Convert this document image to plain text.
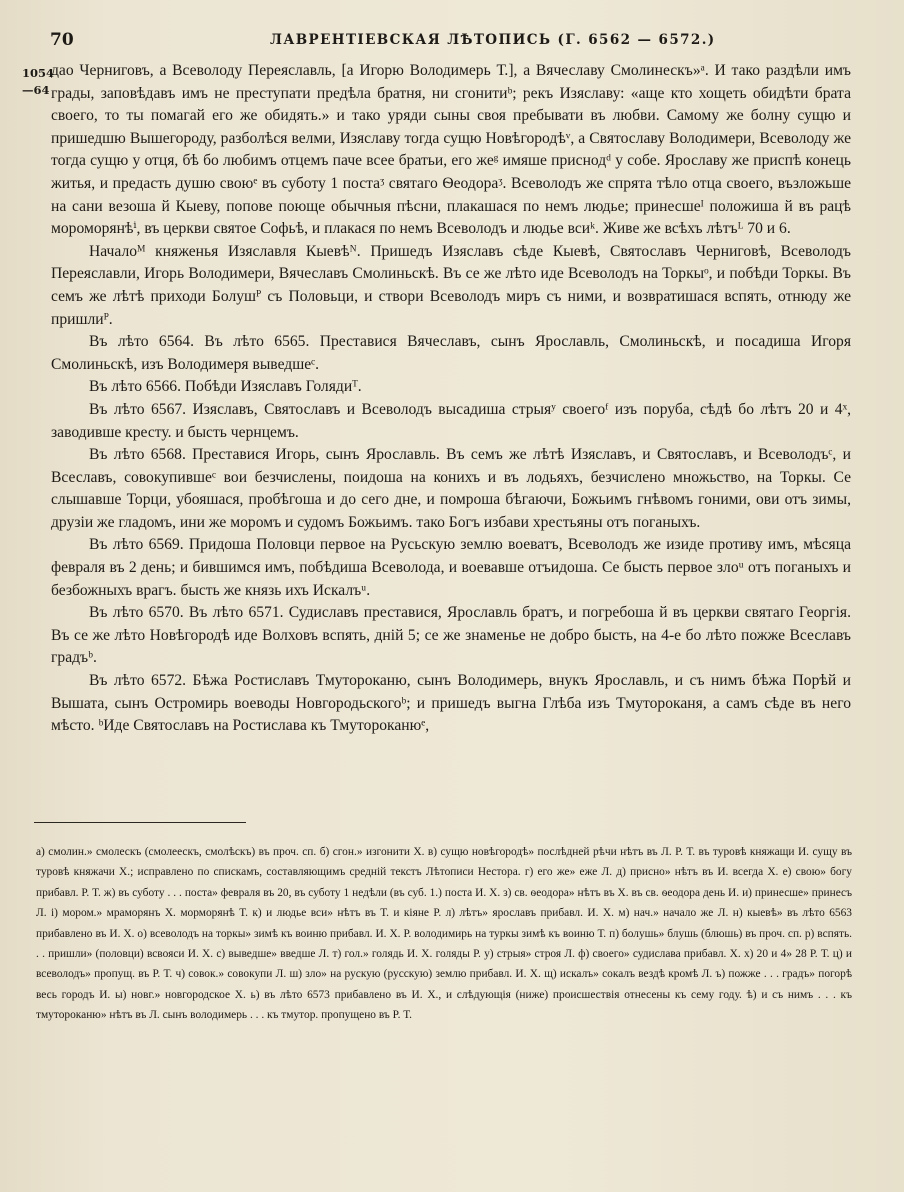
70	ЛАВРЕНТІЕВСКАЯ ЛѢТОПИСЬ (Г. 6562 — 6572.)
1054
—64

дао Черниговъ, а Всеволоду Переяславль, [а Игорю Володимерь Т.], а Вячеславу Смолинескъ»ᵃ. И тако раздѣли имъ грады, заповѣдавъ имъ не преступати предѣла братня, ни сгонитиᵇ; рекъ Изяславу: «аще кто хощеть обидѣти брата своего, то ты помагай его же обидять.» и тако уряди сыны своя пребывати въ любви. Самому же болну сущю и пришедшю Вышегороду, разболѣся велми, Изяславу тогда сущю Новѣгородѣᵛ, а Святославу Володимери, Всеволоду же тогда сущю у отця, бѣ бо любимъ отцемъ паче всее братьи, его жеᵍ имяше приснодᵈ у собе. Ярославу же приспѣ конець житья, и предасть душю своюᵉ въ суботу 1 постаᶾ святаго Ѳеодораᶾ. Всеволодъ же спрята тѣло отца своего, възложьше на сани везоша й Кыеву, попове поюще обычныя пѣсни, плакашася по немъ людье; принесшеᴵ положиша й въ рацѣ мороморянѣⁱ, въ церкви святое Софьѣ, и плакася по немъ Всеволодъ и людье всиᵏ. Живе же всѣхъ лѣтъᴸ 70 и 6.

Началоᴹ княженья Изяславля Кыевѣᴺ. Пришедъ Изяславъ сѣде Кыевѣ, Святославъ Черниговѣ, Всеволодъ Переяславли, Игорь Володимери, Вячеславъ Смолиньскѣ. Въ се же лѣто иде Всеволодъ на Торкыᵒ, и побѣди Торкы. Въ семъ же лѣтѣ приходи Болушᴾ съ Половьци, и створи Всеволодъ миръ съ ними, и возвратишася вспять, отнюду же пришлиᴾ.

Въ лѣто 6564. Въ лѣто 6565. Преставися Вячеславъ, сынъ Ярославль, Смолиньскѣ, и посадиша Игоря Смолиньскѣ, изъ Володимеря выведшеᶜ.

Въ лѣто 6566. Побѣди Изяславъ Голядиᵀ.

Въ лѣто 6567. Изяславъ, Святославъ и Всеволодъ высадиша стрыяʸ своегоᶠ изъ поруба, сѣдѣ бо лѣтъ 20 и 4ˣ, заводивше кресту. и бысть чернцемъ.

Въ лѣто 6568. Преставися Игорь, сынъ Ярославль. Въ семъ же лѣтѣ Изяславъ, и Святославъ, и Всеволодъᶜ, и Всеславъ, совокупившеᶜ вои безчислены, поидоша на конихъ и въ лодьяхъ, безчислено множьство, на Торкы. Се слышавше Торци, убояшася, пробѣгоша и до сего дне, и помроша бѣгаючи, Божьимъ гнѣвомъ гоними, ови отъ зимы, друзіи же гладомъ, ини же моромъ и судомъ Божьимъ. тако Богъ избави хрестьяны отъ поганыхъ.

Въ лѣто 6569. Придоша Половци первое на Русьскую землю воеватъ, Всеволодъ же изиде противу имъ, мѣсяца февраля въ 2 день; и бившимся имъ, побѣдиша Всеволода, и воевавше отъидоша. Се бысть первое злоᵘ отъ поганыхъ и безбожныхъ врагъ. бысть же князь ихъ Искалъᵘ.

Въ лѣто 6570. Въ лѣто 6571. Судиславъ преставися, Ярославль братъ, и погребоша й въ церкви святаго Георгія. Въ се же лѣто Новѣгородѣ иде Волховъ вспять, дній 5; се же знаменье не добро бысть, на 4-е бо лѣто пожже Всеславъ градъᵇ.

Въ лѣто 6572. Бѣжа Ростиславъ Тмутороканю, сынъ Володимерь, внукъ Ярославль, и съ нимъ бѣжа Порѣй и Вышата, сынъ Остромирь воеводы Новгородьскогоᵇ; и пришедъ выгна Глѣба изъ Тмутороканя, а самъ сѣде въ него мѣсто. ᵇИде Святославъ на Ростислава къ Тмутороканюᵉ,

а) смолин.» смолескъ (смолеескъ, смолѣскъ) въ проч. сп. б) сгон.» изгонити Х. в) сущю новѣгородѣ» послѣдней рѣчи нѣтъ въ Л. Р. Т. въ туровѣ княжащи И. сущу въ туровѣ княжачи Х.; исправлено по спискамъ, составляющимъ средній текстъ Лѣтописи Нестора. г) его же» еже Л. д) присно» нѣтъ въ И. всегда Х. е) свою» богу прибавл. Р. Т. ж) въ суботу . . . поста» февраля въ 20, въ суботу 1 недѣли (въ суб. 1.) поста И. Х. з) св. ѳеодора» нѣтъ въ Х. въ св. ѳеодора день И. и) принесше» принесъ Л. і) мором.» мраморянъ Х. морморянѣ Т. к) и людье вси» нѣтъ въ Т. и кіяне Р. л) лѣтъ» ярославъ прибавл. И. Х. м) нач.» начало же Л. н) кыевѣ» въ лѣто 6563 прибавлено въ И. Х. о) всеволодъ на торкы» зимѣ къ воиню прибавл. И. Х. Р. володимирь на туркы зимѣ къ воиню Т. п) болушь» блушь (блюшь) въ проч. сп. р) вспять. . . пришли» (половци) всвояси И. Х. с) выведше» введше Л. т) гол.» голядь И. Х. голяды Р. у) стрыя» строя Л. ф) своего» судислава прибавл. Х. х) 20 и 4» 28 Р. Т. ц) и всеволодъ» пропущ. въ Р. Т. ч) совок.» совокупи Л. ш) зло» на рускую (русскую) землю прибавл. И. Х. щ) искалъ» сокалъ вездѣ кромѣ Л. ъ) пожже . . . градъ» погорѣ весь городъ И. ы) новг.» новгородское Х. ь) въ лѣто 6573 прибавлено въ И. Х., и слѣдующія (ниже) происшествія отнесены къ сему году. ѣ) и съ нимъ . . . къ тмутороканю» нѣтъ въ Л. сынъ володимерь . . . къ тмутор. пропущено въ Р. Т.
